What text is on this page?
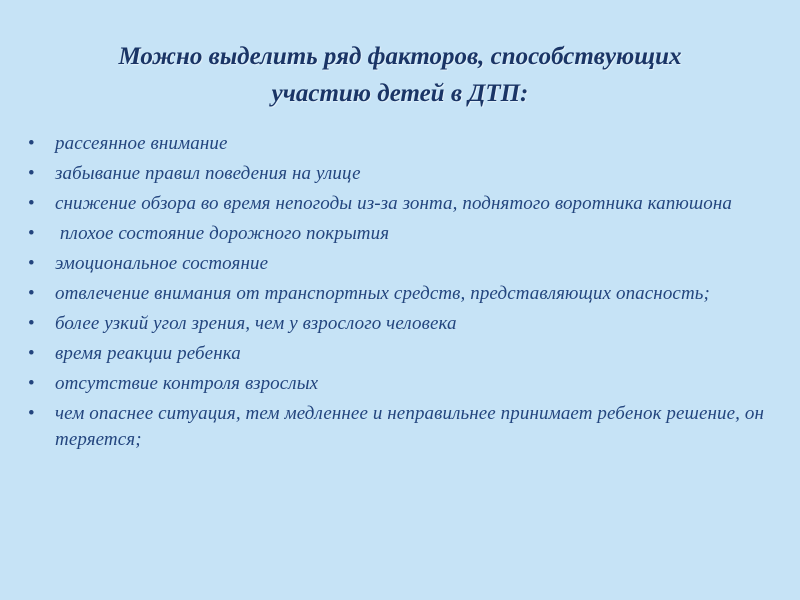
Можно выделить ряд факторов, способствующих
участию детей в ДТП:
• рассеянное внимание
• забывание правил поведения на улице
• снижение обзора во время непогоды из-за зонта, поднятого воротника капюшона
• плохое состояние дорожного покрытия
• эмоциональное состояние
• отвлечение внимания от транспортных средств, представляющих опасность;
• более узкий угол зрения, чем у взрослого человека
• время реакции ребенка
• отсутствие контроля взрослых
• чем опаснее ситуация, тем медленнее и неправильнее принимает ребенок решение, он теряется;
